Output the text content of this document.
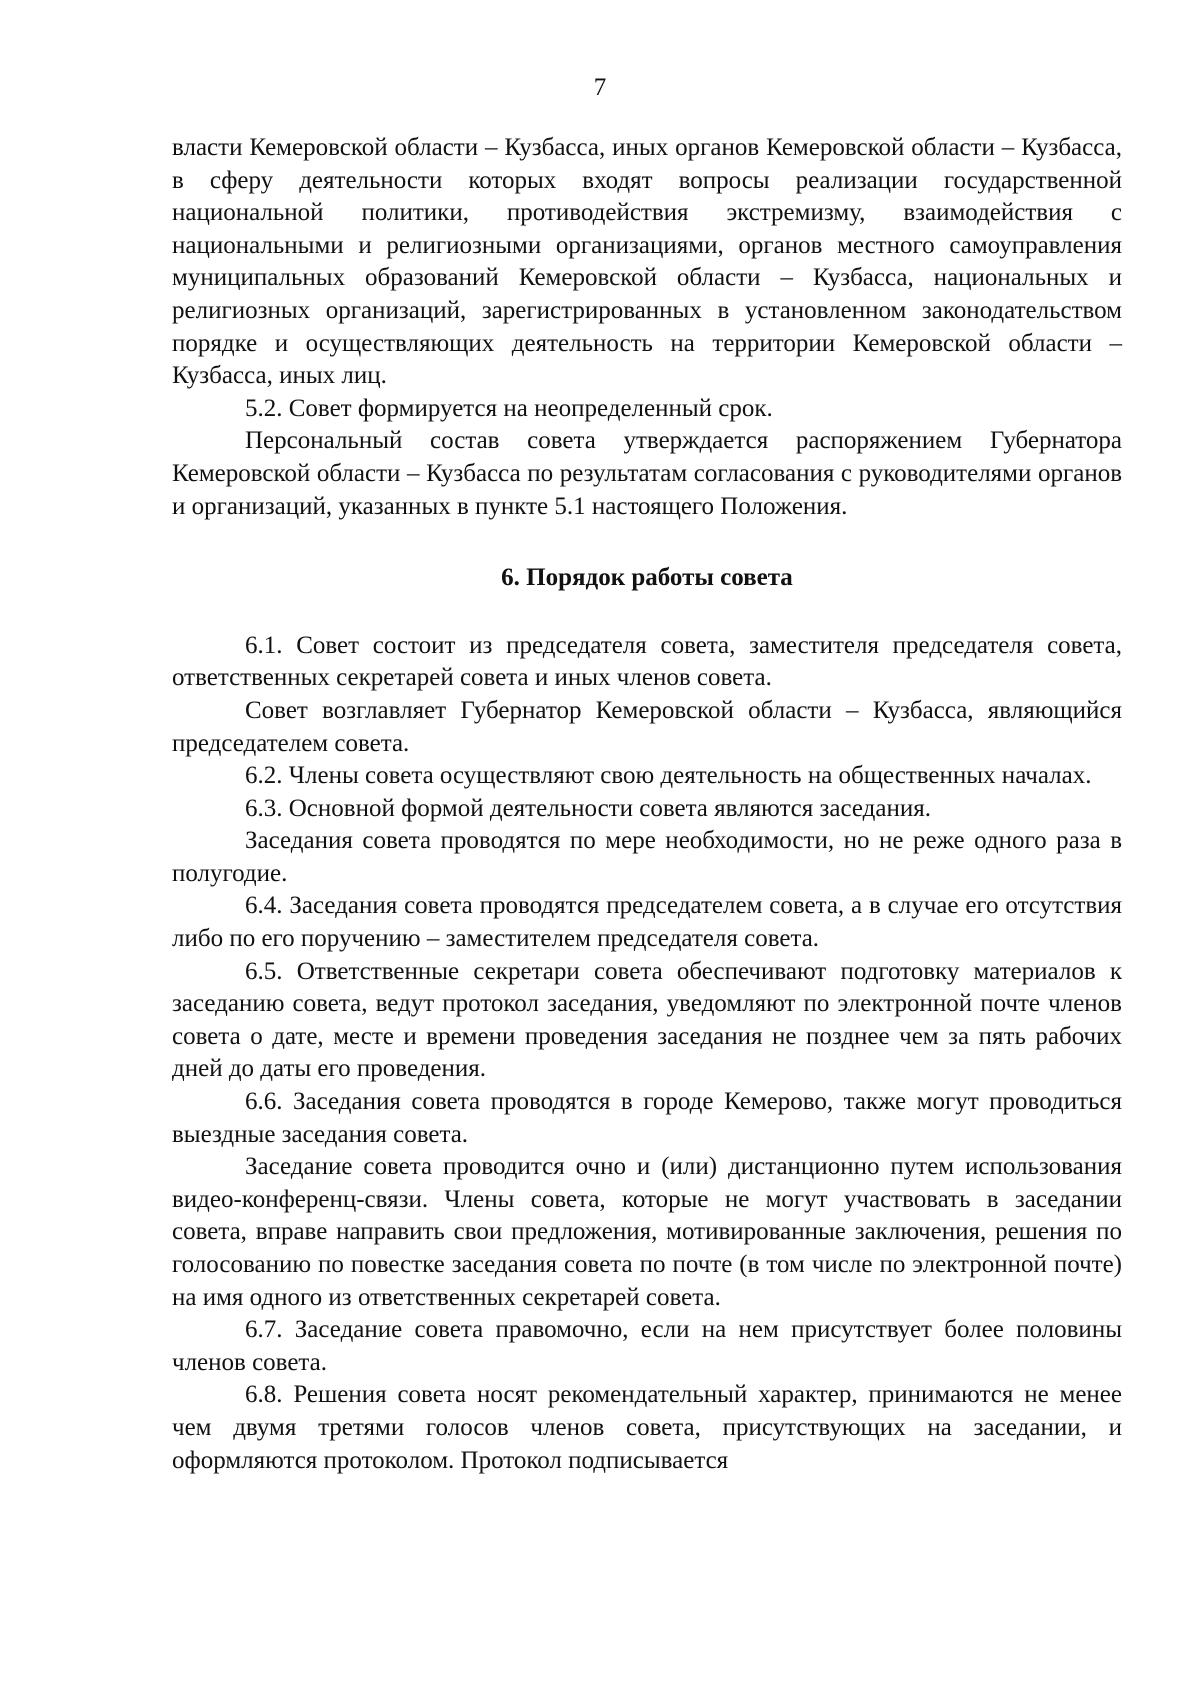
7

власти Кемеровской области – Кузбасса, иных органов Кемеровской области – Кузбасса, в сферу деятельности которых входят вопросы реализации государственной национальной политики, противодействия экстремизму, взаимодействия с национальными и религиозными организациями, органов местного самоуправления муниципальных образований Кемеровской области – Кузбасса, национальных и религиозных организаций, зарегистрированных в установленном законодательством порядке и осуществляющих деятельность на территории Кемеровской области – Кузбасса, иных лиц.

5.2. Совет формируется на неопределенный срок.

Персональный состав совета утверждается распоряжением Губернатора Кемеровской области – Кузбасса по результатам согласования с руководителями органов и организаций, указанных в пункте 5.1 настоящего Положения.

6. Порядок работы совета

6.1. Совет состоит из председателя совета, заместителя председателя совета, ответственных секретарей совета и иных членов совета.

Совет возглавляет Губернатор Кемеровской области – Кузбасса, являющийся председателем совета.

6.2. Члены совета осуществляют свою деятельность на общественных началах.

6.3. Основной формой деятельности совета являются заседания.

Заседания совета проводятся по мере необходимости, но не реже одного раза в полугодие.

6.4. Заседания совета проводятся председателем совета, а в случае его отсутствия либо по его поручению – заместителем председателя совета.

6.5. Ответственные секретари совета обеспечивают подготовку материалов к заседанию совета, ведут протокол заседания, уведомляют по электронной почте членов совета о дате, месте и времени проведения заседания не позднее чем за пять рабочих дней до даты его проведения.

6.6. Заседания совета проводятся в городе Кемерово, также могут проводиться выездные заседания совета.

Заседание совета проводится очно и (или) дистанционно путем использования видео-конференц-связи. Члены совета, которые не могут участвовать в заседании совета, вправе направить свои предложения, мотивированные заключения, решения по голосованию по повестке заседания совета по почте (в том числе по электронной почте) на имя одного из ответственных секретарей совета.

6.7. Заседание совета правомочно, если на нем присутствует более половины членов совета.

6.8. Решения совета носят рекомендательный характер, принимаются не менее чем двумя третями голосов членов совета, присутствующих на заседании, и оформляются протоколом. Протокол подписывается
